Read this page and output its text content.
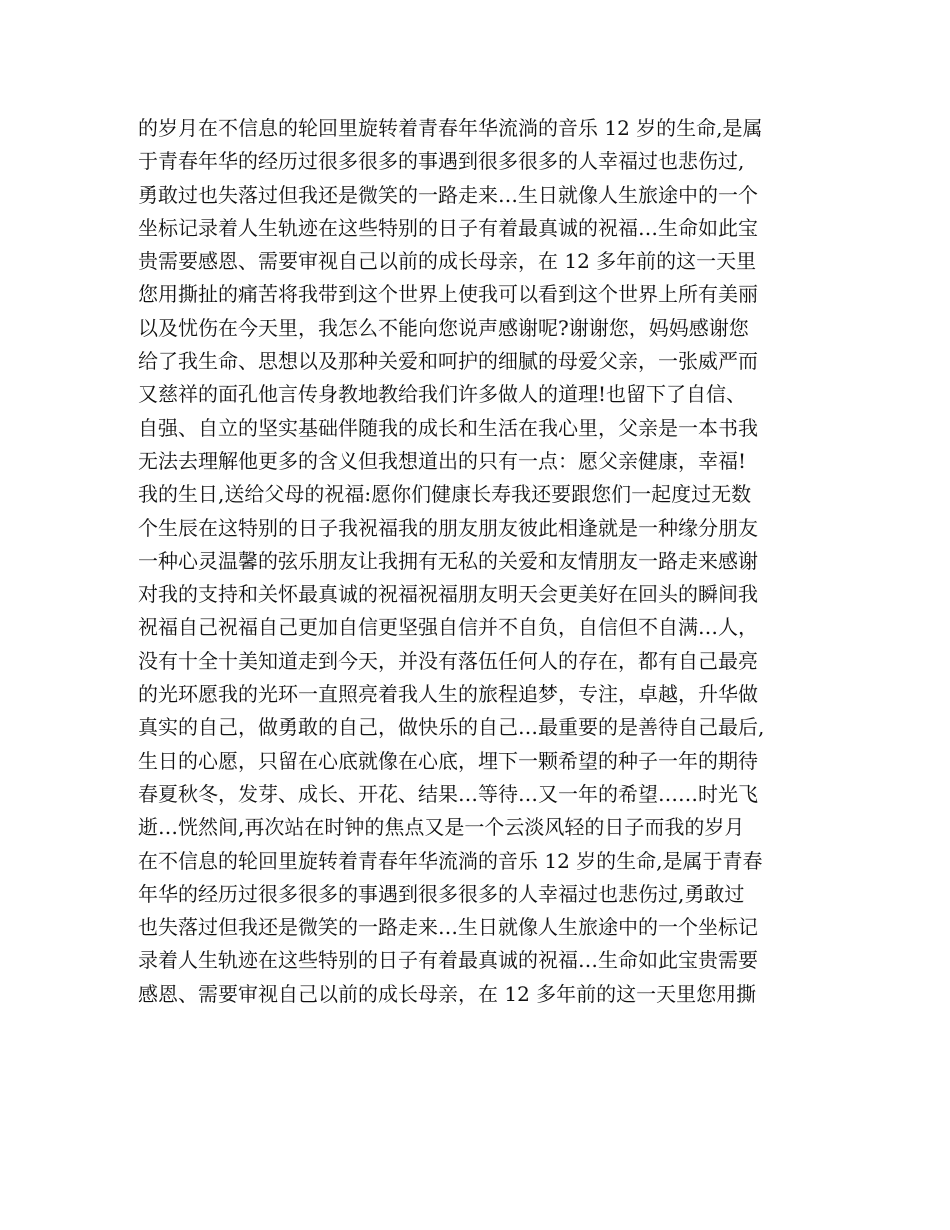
的岁月在不信息的轮回里旋转着青春年华流淌的音乐 12 岁的生命,是属
于青春年华的经历过很多很多的事遇到很多很多的人幸福过也悲伤过,
勇敢过也失落过但我还是微笑的一路走来…生日就像人生旅途中的一个
坐标记录着人生轨迹在这些特别的日子有着最真诚的祝福…生命如此宝
贵需要感恩、需要审视自己以前的成长母亲，在 12 多年前的这一天里
您用撕扯的痛苦将我带到这个世界上使我可以看到这个世界上所有美丽
以及忧伤在今天里，我怎么不能向您说声感谢呢?谢谢您，妈妈感谢您
给了我生命、思想以及那种关爱和呵护的细腻的母爱父亲，一张威严而
又慈祥的面孔他言传身教地教给我们许多做人的道理!也留下了自信、
自强、自立的坚实基础伴随我的成长和生活在我心里，父亲是一本书我
无法去理解他更多的含义但我想道出的只有一点：愿父亲健康，幸福!
我的生日,送给父母的祝福:愿你们健康长寿我还要跟您们一起度过无数
个生辰在这特别的日子我祝福我的朋友朋友彼此相逢就是一种缘分朋友
一种心灵温馨的弦乐朋友让我拥有无私的关爱和友情朋友一路走来感谢
对我的支持和关怀最真诚的祝福祝福朋友明天会更美好在回头的瞬间我
祝福自己祝福自己更加自信更坚强自信并不自负，自信但不自满…人，
没有十全十美知道走到今天，并没有落伍任何人的存在，都有自己最亮
的光环愿我的光环一直照亮着我人生的旅程追梦，专注，卓越，升华做
真实的自己，做勇敢的自己，做快乐的自己…最重要的是善待自己最后,
生日的心愿，只留在心底就像在心底，埋下一颗希望的种子一年的期待
春夏秋冬，发芽、成长、开花、结果…等待…又一年的希望……时光飞
逝…恍然间,再次站在时钟的焦点又是一个云淡风轻的日子而我的岁月
在不信息的轮回里旋转着青春年华流淌的音乐 12 岁的生命,是属于青春
年华的经历过很多很多的事遇到很多很多的人幸福过也悲伤过,勇敢过
也失落过但我还是微笑的一路走来…生日就像人生旅途中的一个坐标记
录着人生轨迹在这些特别的日子有着最真诚的祝福…生命如此宝贵需要
感恩、需要审视自己以前的成长母亲，在 12 多年前的这一天里您用撕
